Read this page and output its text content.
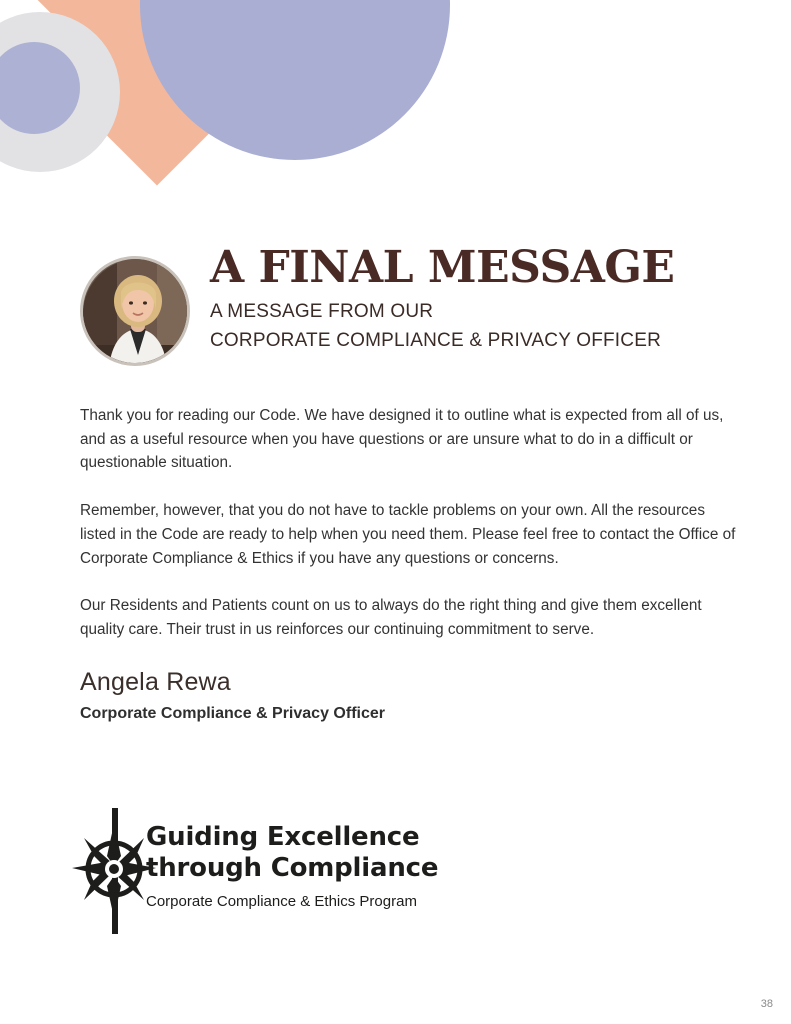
A FINAL MESSAGE

A MESSAGE FROM OUR
CORPORATE COMPLIANCE & PRIVACY OFFICER

Thank you for reading our Code. We have designed it to outline what is expected from all of us, and as a useful resource when you have questions or are unsure what to do in a difficult or questionable situation.

Remember, however, that you do not have to tackle problems on your own. All the resources listed in the Code are ready to help when you need them. Please feel free to contact the Office of Corporate Compliance & Ethics if you have any questions or concerns.

Our Residents and Patients count on us to always do the right thing and give them excellent quality care. Their trust in us reinforces our continuing commitment to serve.

Angela Rewa

Corporate Compliance & Privacy Officer

Guiding Excellence

through Compliance

Corporate Compliance & Ethics Program

38
